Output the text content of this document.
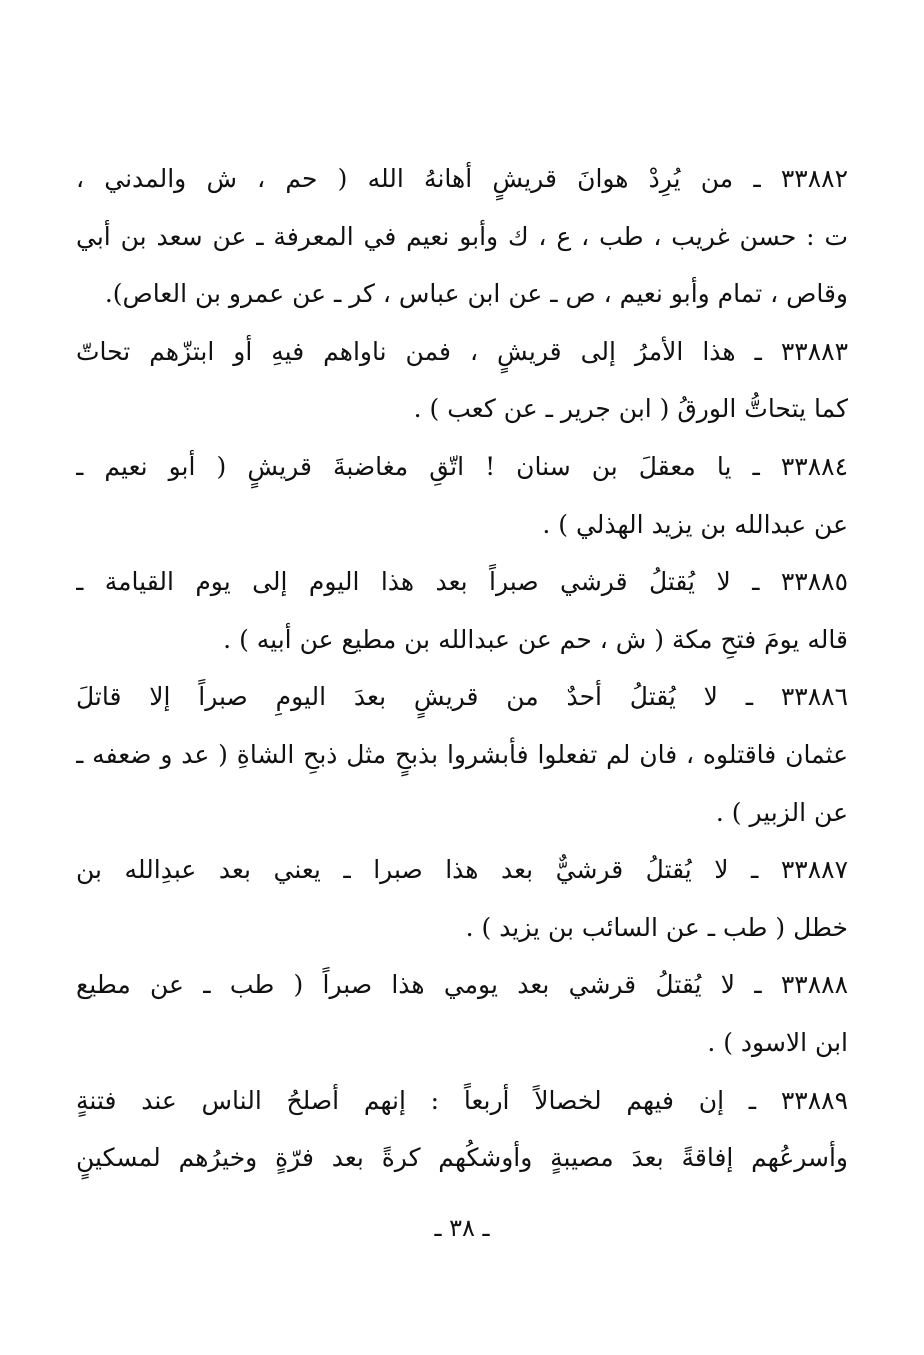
٣٣٨٨٢ ـ من يُرِدْ هوانَ قريشٍ أهانهُ الله ( حم ، ش والمدني ،
ت : حسن غريب ، طب ، ع ، ك وأبو نعيم في المعرفة ـ عن سعد بن أبي
وقاص ، تمام وأبو نعيم ، ص ـ عن ابن عباس ، كر ـ عن عمرو بن العاص).
٣٣٨٨٣ ـ هذا الأمرُ إلى قريشٍ ، فمن ناواهم فيهِ أو ابتزّهم تحاتّ
كما يتحاتُّ الورقُ ( ابن جرير ـ عن كعب ) .
٣٣٨٨٤ ـ يا معقلَ بن سنان ! اتّقِ مغاضبةَ قريشٍ ( أبو نعيم ـ
عن عبدالله بن يزيد الهذلي ) .
٣٣٨٨٥ ـ لا يُقتلُ قرشي صبراً بعد هذا اليوم إلى يوم القيامة ـ
قاله يومَ فتحِ مكة ( ش ، حم عن عبدالله بن مطيع عن أبيه ) .
٣٣٨٨٦ ـ لا يُقتلُ أحدٌ من قريشٍ بعدَ اليومِ صبراً إلا قاتلَ
عثمان فاقتلوه ، فان لم تفعلوا فأبشروا بذبحٍ مثل ذبحِ الشاةِ ( عد و ضعفه ـ
عن الزبير ) .
٣٣٨٨٧ ـ لا يُقتلُ قرشيٌّ بعد هذا صبرا ـ يعني بعد عبدِالله بن
خطل ( طب ـ عن السائب بن يزيد ) .
٣٣٨٨٨ ـ لا يُقتلُ قرشي بعد يومي هذا صبراً ( طب ـ عن مطيع
ابن الاسود ) .
٣٣٨٨٩ ـ إن فيهم لخصالاً أربعاً : إنهم أصلحُ الناس عند فتنةٍ
وأسرعُهم إفاقةً بعدَ مصيبةٍ وأوشكُهم كرةً بعد فرّةٍ وخيرُهم لمسكينٍ
ـ ٣٨ ـ
